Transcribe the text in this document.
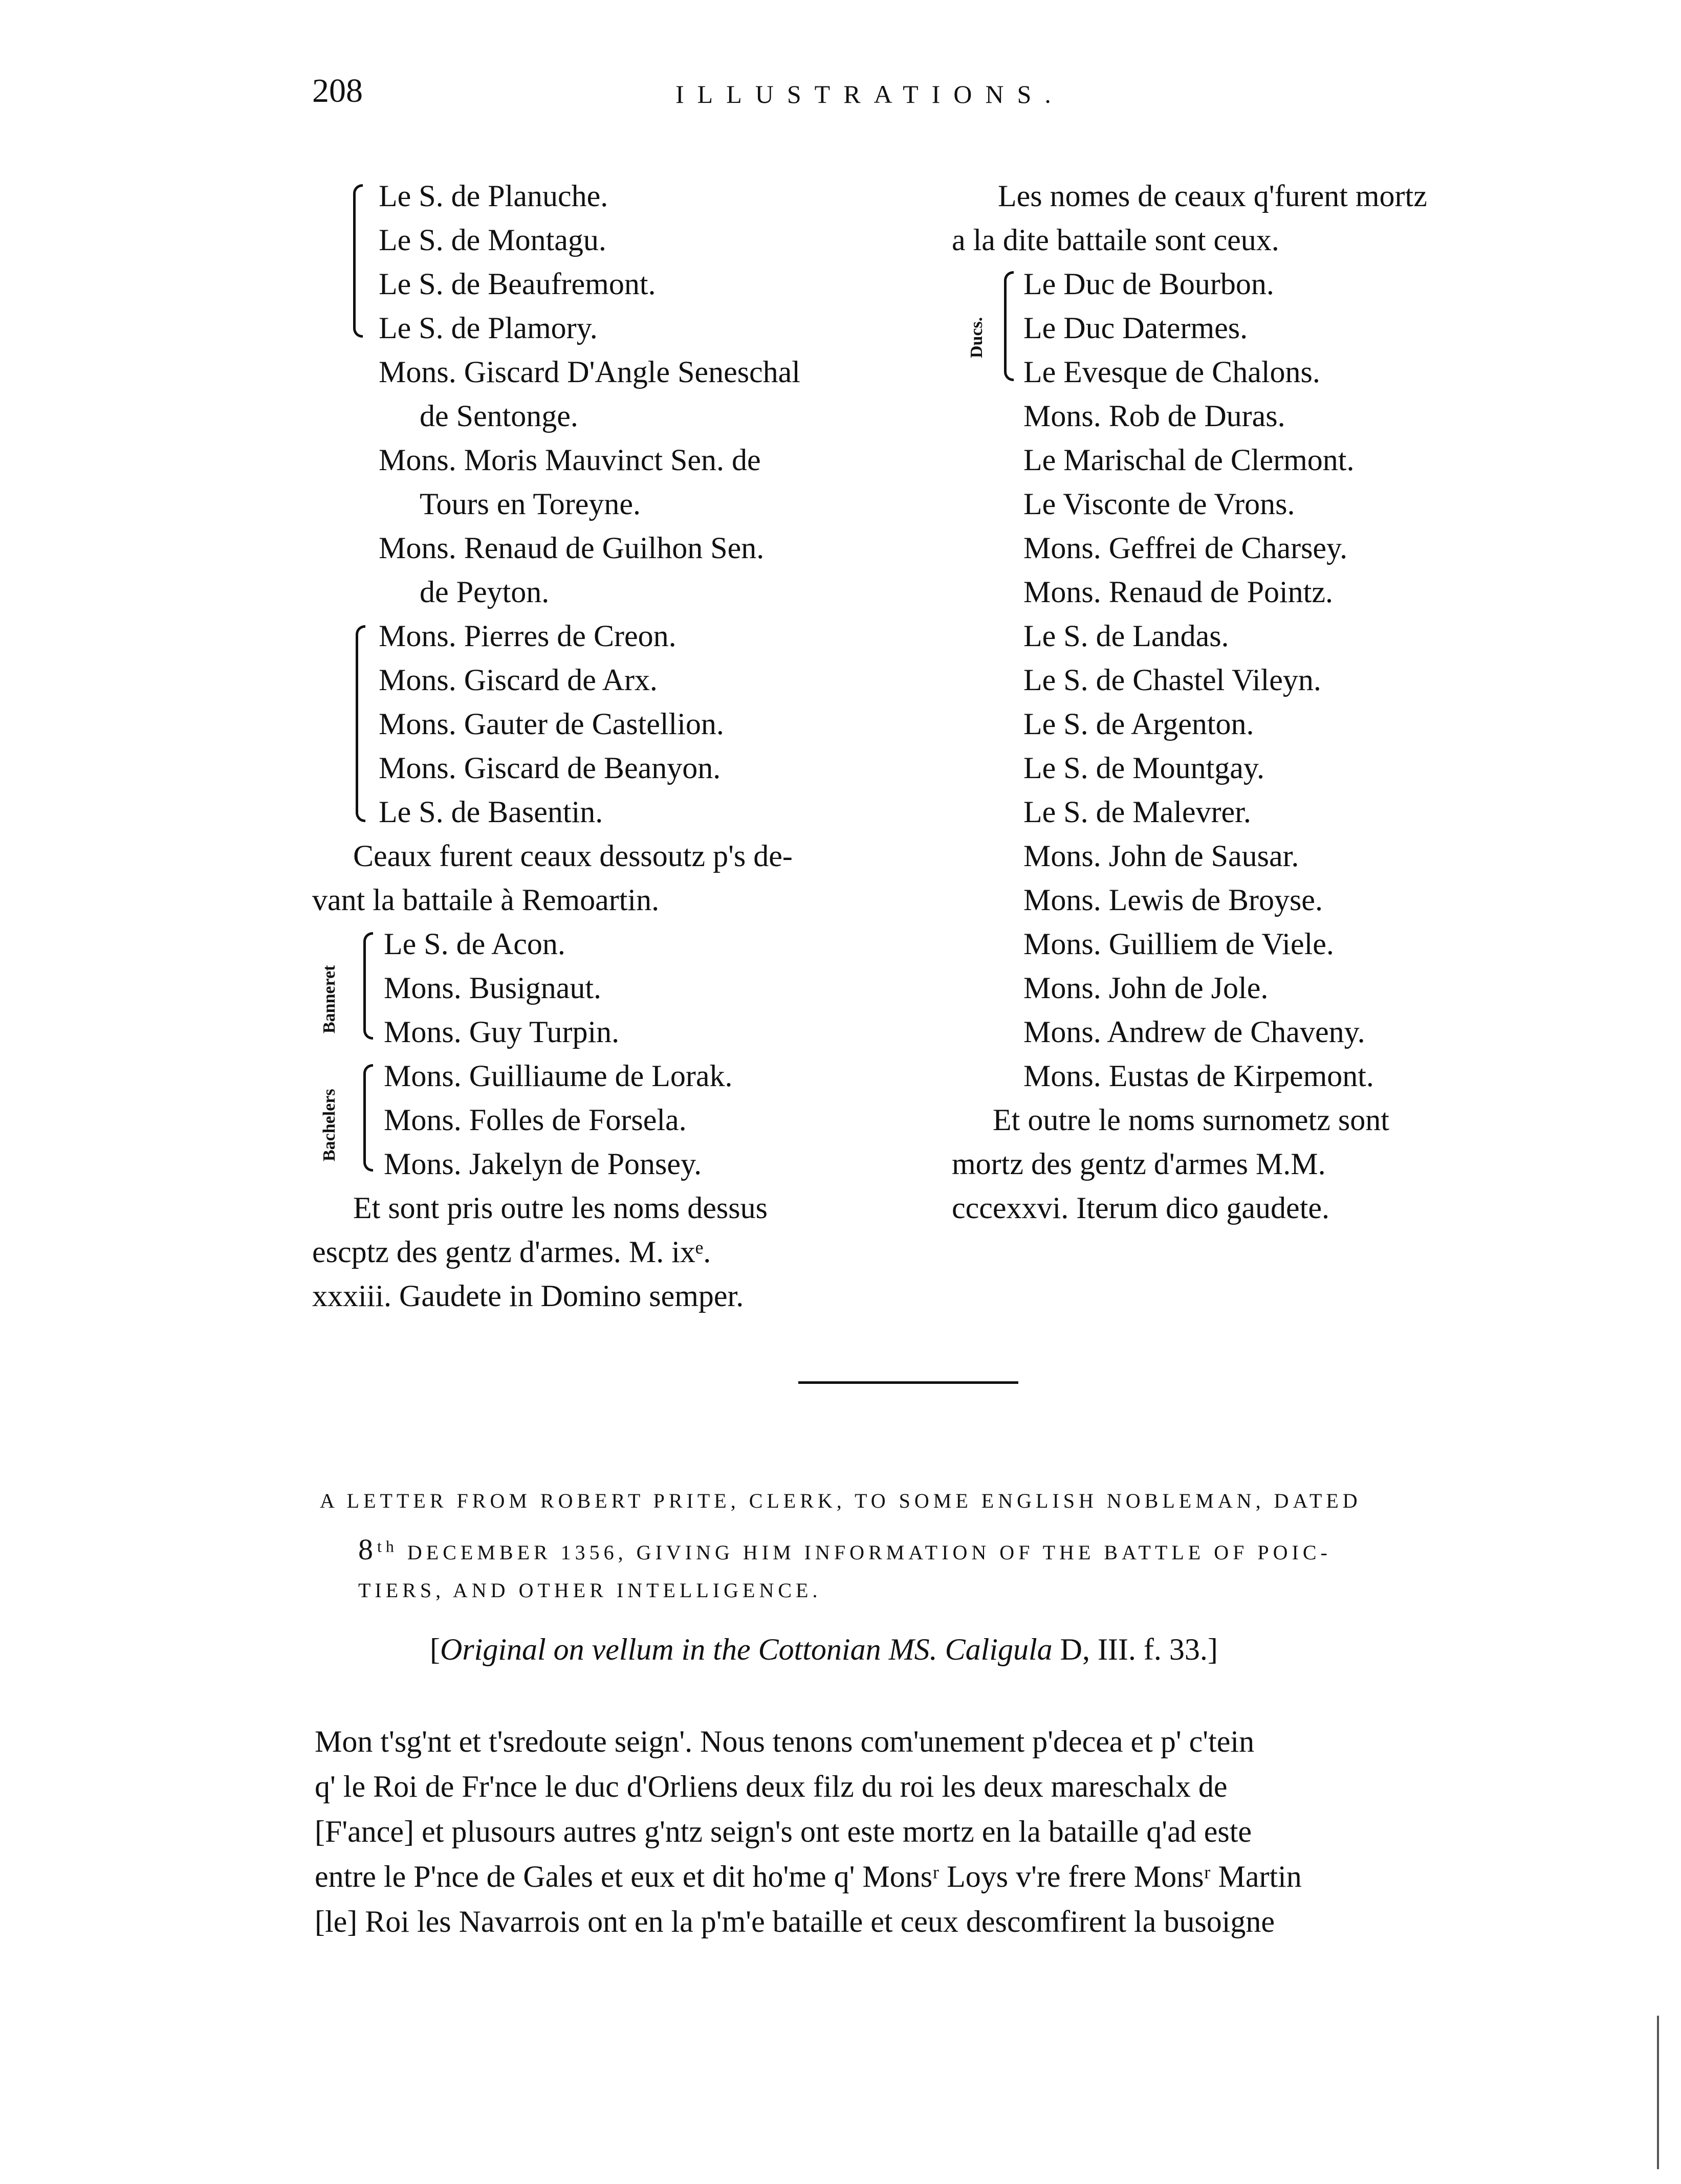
208	ILLUSTRATIONS.
Le S. de Planuche.
Le S. de Montagu.
Le S. de Beaufremont.
Le S. de Plamory.
Mons. Giscard D'Angle Seneschal
de Sentonge.
Mons. Moris Mauvinct Sen. de
Tours en Toreyne.
Mons. Renaud de Guilhon Sen.
de Peyton.
Mons. Pierres de Creon.
Mons. Giscard de Arx.
Mons. Gauter de Castellion.
Mons. Giscard de Beanyon.
Le S. de Basentin.
Ceaux furent ceaux dessoutz p's de-
vant la battaile à Remoartin.
Banneret
Le S. de Acon.
Mons. Busignaut.
Mons. Guy Turpin.
Bachelers
Mons. Guilliaume de Lorak.
Mons. Folles de Forsela.
Mons. Jakelyn de Ponsey.
Et sont pris outre les noms dessus
escptz des gentz d'armes. M. ixᵉ.
xxxiii. Gaudete in Domino semper.
Les nomes de ceaux q'furent mortz
a la dite battaile sont ceux.
Ducs.
Le Duc de Bourbon.
Le Duc Datermes.
Le Evesque de Chalons.
Mons. Rob de Duras.
Le Marischal de Clermont.
Le Visconte de Vrons.
Mons. Geffrei de Charsey.
Mons. Renaud de Pointz.
Le S. de Landas.
Le S. de Chastel Vileyn.
Le S. de Argenton.
Le S. de Mountgay.
Le S. de Malevrer.
Mons. John de Sausar.
Mons. Lewis de Broyse.
Mons. Guilliem de Viele.
Mons. John de Jole.
Mons. Andrew de Chaveny.
Mons. Eustas de Kirpemont.
Et outre le noms surnometz sont
mortz des gentz d'armes M.M.
cccexxvi. Iterum dico gaudete.
A LETTER FROM ROBERT PRITE, CLERK, TO SOME ENGLISH NOBLEMAN, DATED
8th DECEMBER 1356, GIVING HIM INFORMATION OF THE BATTLE OF POIC-
TIERS, AND OTHER INTELLIGENCE.
[Original on vellum in the Cottonian MS. Caligula D, III. f. 33.]
Mon t'sg'nt et t'sredoute seign'. Nous tenons com'unement p'decea et p' c'tein
q' le Roi de Fr'nce le duc d'Orliens deux filz du roi les deux mareschalx de
[F'ance] et plusours autres g'ntz seign's ont este mortz en la bataille q'ad este
entre le P'nce de Gales et eux et dit ho'me q' Monsʳ Loys v're frere Monsʳ Martin
[le] Roi les Navarrois ont en la p'm'e bataille et ceux descomfirent la busoigne
